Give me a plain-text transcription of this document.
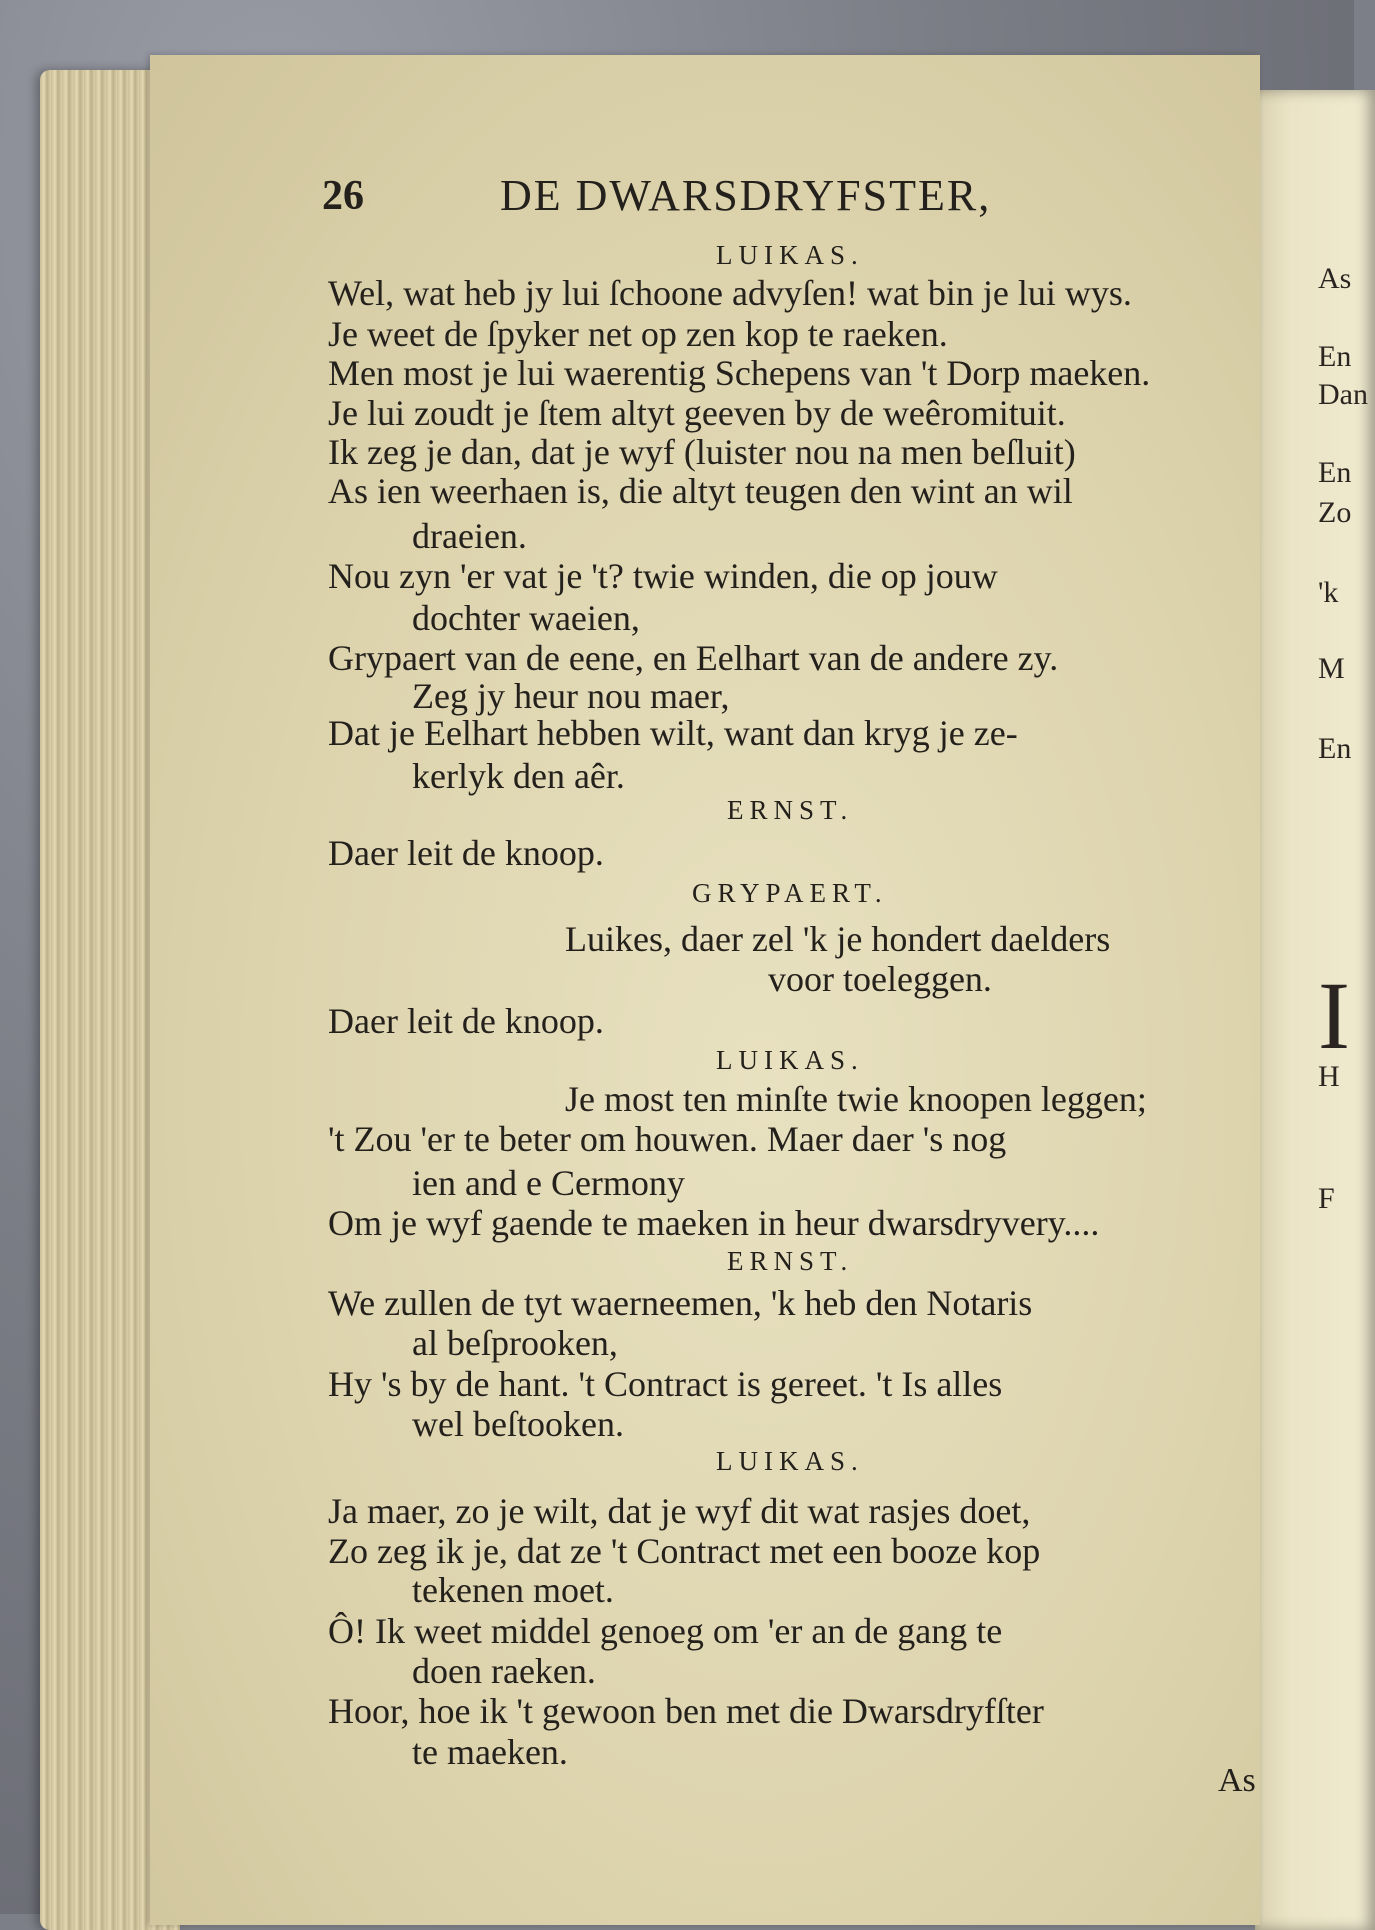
As
En
Dan
En
Zo
'k
M
En
I
H
F
26	DE DWARSDRYFSTER,
LUIKAS.
Wel, wat heb jy lui ſchoone advyſen! wat bin je lui wys.
Je weet de ſpyker net op zen kop te raeken.
Men most je lui waerentig Schepens van 't Dorp maeken.
Je lui zoudt je ſtem altyt geeven by de weêromituit.
Ik zeg je dan, dat je wyf (luister nou na men beſluit)
As ien weerhaen is, die altyt teugen den wint an wil
draeien.
Nou zyn 'er vat je 't? twie winden, die op jouw
dochter waeien,
Grypaert van de eene, en Eelhart van de andere zy.
Zeg jy heur nou maer,
Dat je Eelhart hebben wilt, want dan kryg je ze-
kerlyk den aêr.
ERNST.
Daer leit de knoop.
GRYPAERT.
Luikes, daer zel 'k je hondert daelders
voor toeleggen.
Daer leit de knoop.
LUIKAS.
Je most ten minſte twie knoopen leggen;
't Zou 'er te beter om houwen. Maer daer 's nog
ien and e Cermony
Om je wyf gaende te maeken in heur dwarsdryvery....
ERNST.
We zullen de tyt waerneemen, 'k heb den Notaris
al beſprooken,
Hy 's by de hant. 't Contract is gereet. 't Is alles
wel beſtooken.
LUIKAS.
Ja maer, zo je wilt, dat je wyf dit wat rasjes doet,
Zo zeg ik je, dat ze 't Contract met een booze kop
tekenen moet.
Ô! Ik weet middel genoeg om 'er an de gang te
doen raeken.
Hoor, hoe ik 't gewoon ben met die Dwarsdryfſter
te maeken.
As
